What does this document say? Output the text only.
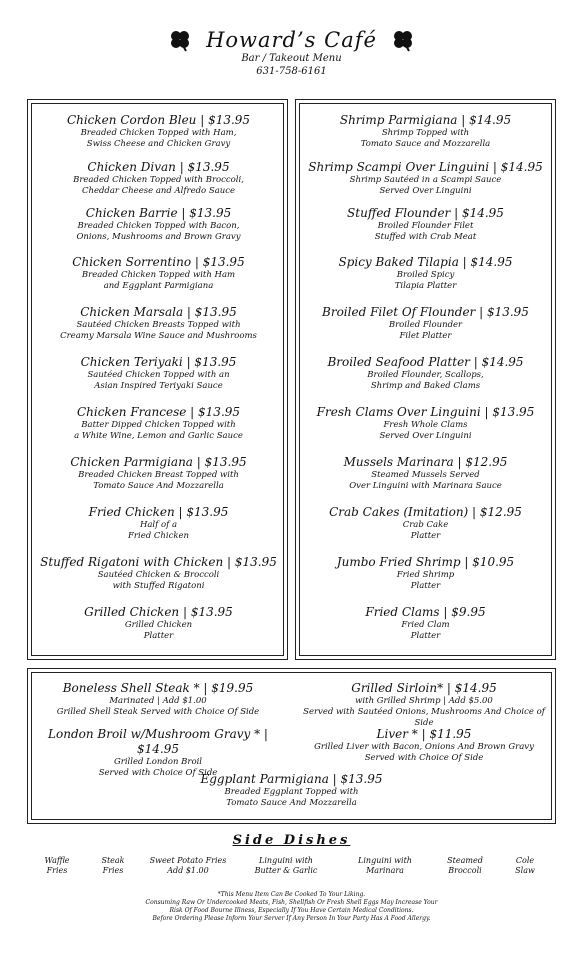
Howard’s Café
Bar / Takeout Menu
631-758-6161
Chicken Cordon Bleu | $13.95
Breaded Chicken Topped with Ham,
Swiss Cheese and Chicken Gravy
Chicken Divan | $13.95
Breaded Chicken Topped with Broccoli,
Cheddar Cheese and Alfredo Sauce
Chicken Barrie | $13.95
Breaded Chicken Topped with Bacon,
Onions, Mushrooms and Brown Gravy
Chicken Sorrentino | $13.95
Breaded Chicken Topped with Ham
and Eggplant Parmigiana
Chicken Marsala | $13.95
Sautéed Chicken Breasts Topped with
Creamy Marsala Wine Sauce and Mushrooms
Chicken Teriyaki | $13.95
Sautéed Chicken Topped with an
Asian Inspired Teriyaki Sauce
Chicken Francese | $13.95
Batter Dipped Chicken Topped with
a White Wine, Lemon and Garlic Sauce
Chicken Parmigiana | $13.95
Breaded Chicken Breast Topped with
Tomato Sauce And Mozzarella
Fried Chicken | $13.95
Half of a
Fried Chicken
Stuffed Rigatoni with Chicken | $13.95
Sautéed Chicken & Broccoli
with Stuffed Rigatoni
Grilled Chicken | $13.95
Grilled Chicken
Platter
Shrimp Parmigiana | $14.95
Shrimp Topped with
Tomato Sauce and Mozzarella
Shrimp Scampi Over Linguini | $14.95
Shrimp Sautéed in a Scampi Sauce
Served Over Linguini
Stuffed Flounder | $14.95
Broiled Flounder Filet
Stuffed with Crab Meat
Spicy Baked Tilapia | $14.95
Broiled Spicy
Tilapia Platter
Broiled Filet Of Flounder | $13.95
Broiled Flounder
Filet Platter
Broiled Seafood Platter | $14.95
Broiled Flounder, Scallops,
Shrimp and Baked Clams
Fresh Clams Over Linguini | $13.95
Fresh Whole Clams
Served Over Linguini
Mussels Marinara | $12.95
Steamed Mussels Served
Over Linguini with Marinara Sauce
Crab Cakes (Imitation) | $12.95
Crab Cake
Platter
Jumbo Fried Shrimp | $10.95
Fried Shrimp
Platter
Fried Clams | $9.95
Fried Clam
Platter
Boneless Shell Steak * | $19.95
Marinated | Add $1.00
Grilled Shell Steak Served with Choice Of Side
Grilled Sirloin* | $14.95
with Grilled Shrimp | Add $5.00
Served with Sautéed Onions, Mushrooms And Choice of Side
London Broil w/Mushroom Gravy * | $14.95
Grilled London Broil
Served with Choice Of Side
Liver * | $11.95
Grilled Liver with Bacon, Onions And Brown Gravy
Served with Choice Of Side
Eggplant Parmigiana | $13.95
Breaded Eggplant Topped with
Tomato Sauce And Mozzarella
Side Dishes
Waffle
Fries
Steak
Fries
Sweet Potato Fries
Add $1.00
Linguini with
Butter & Garlic
Linguini with
Marinara
Steamed
Broccoli
Cole
Slaw
*This Menu Item Can Be Cooked To Your Liking.
Consuming Raw Or Undercooked Meats, Fish, Shellfish Or Fresh Shell Eggs May Increase Your
Risk Of Food Bourne Illness, Especially If You Have Certain Medical Conditions.
Before Ordering Please Inform Your Server If Any Person In Your Party Has A Food Allergy.
